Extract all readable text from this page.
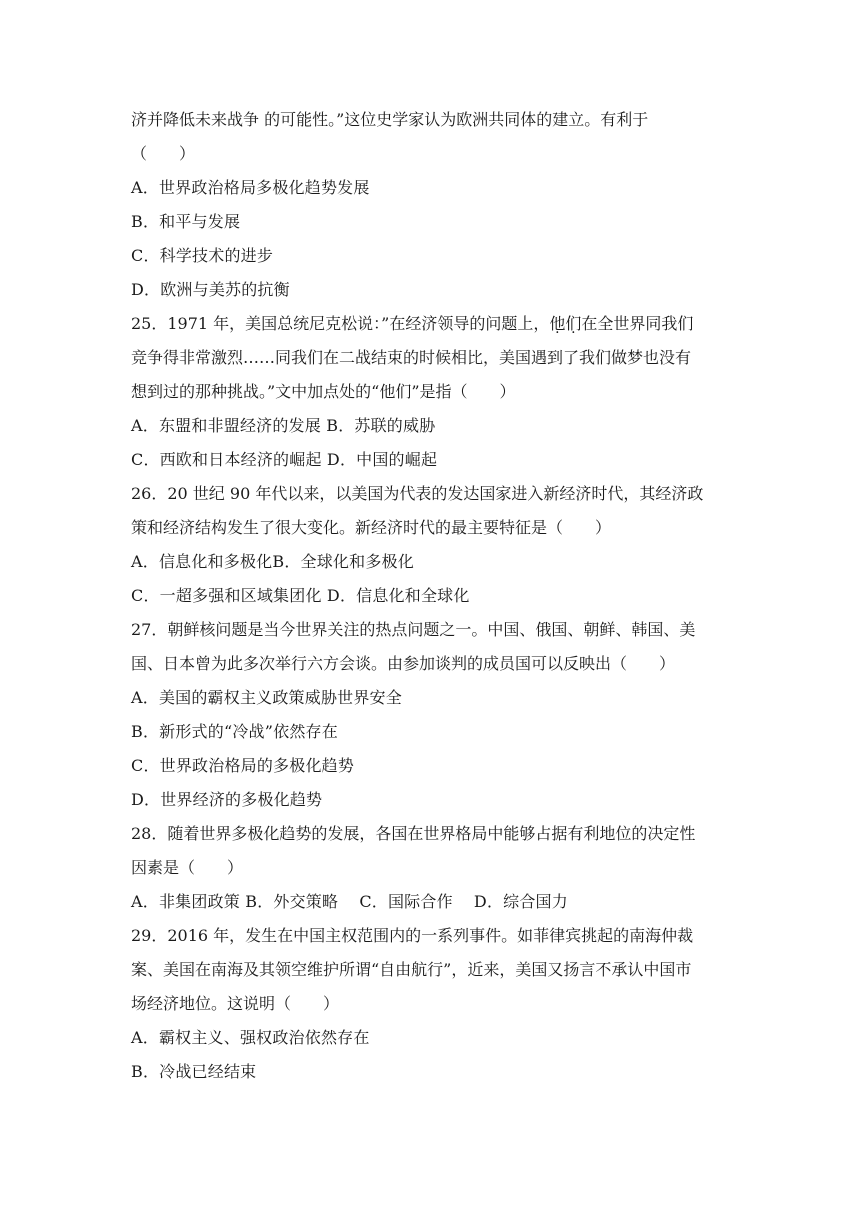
济并降低未来战争 的可能性。”这位史学家认为欧洲共同体的建立。有利于
（　　）
A．世界政治格局多极化趋势发展
B．和平与发展
C．科学技术的进步
D．欧洲与美苏的抗衡
25．1971 年，美国总统尼克松说：”在经济领导的问题上，他们在全世界同我们
竞争得非常激烈……同我们在二战结束的时候相比，美国遇到了我们做梦也没有
想到过的那种挑战。”文中加点处的“他们”是指（　　）
A．东盟和非盟经济的发展 B．苏联的威胁
C．西欧和日本经济的崛起 D．中国的崛起
26．20 世纪 90 年代以来，以美国为代表的发达国家进入新经济时代，其经济政
策和经济结构发生了很大变化。新经济时代的最主要特征是（　　）
A．信息化和多极化B．全球化和多极化
C．一超多强和区域集团化 D．信息化和全球化
27．朝鲜核问题是当今世界关注的热点问题之一。中国、俄国、朝鲜、韩国、美
国、日本曾为此多次举行六方会谈。由参加谈判的成员国可以反映出（　　）
A．美国的霸权主义政策威胁世界安全
B．新形式的“冷战”依然存在
C．世界政治格局的多极化趋势
D．世界经济的多极化趋势
28．随着世界多极化趋势的发展，各国在世界格局中能够占据有利地位的决定性
因素是（　　）
A．非集团政策 B．外交策略    C．国际合作    D．综合国力
29．2016 年，发生在中国主权范围内的一系列事件。如菲律宾挑起的南海仲裁
案、美国在南海及其领空维护所谓“自由航行”，近来，美国又扬言不承认中国市
场经济地位。这说明（　　）
A．霸权主义、强权政治依然存在
B．冷战已经结束
